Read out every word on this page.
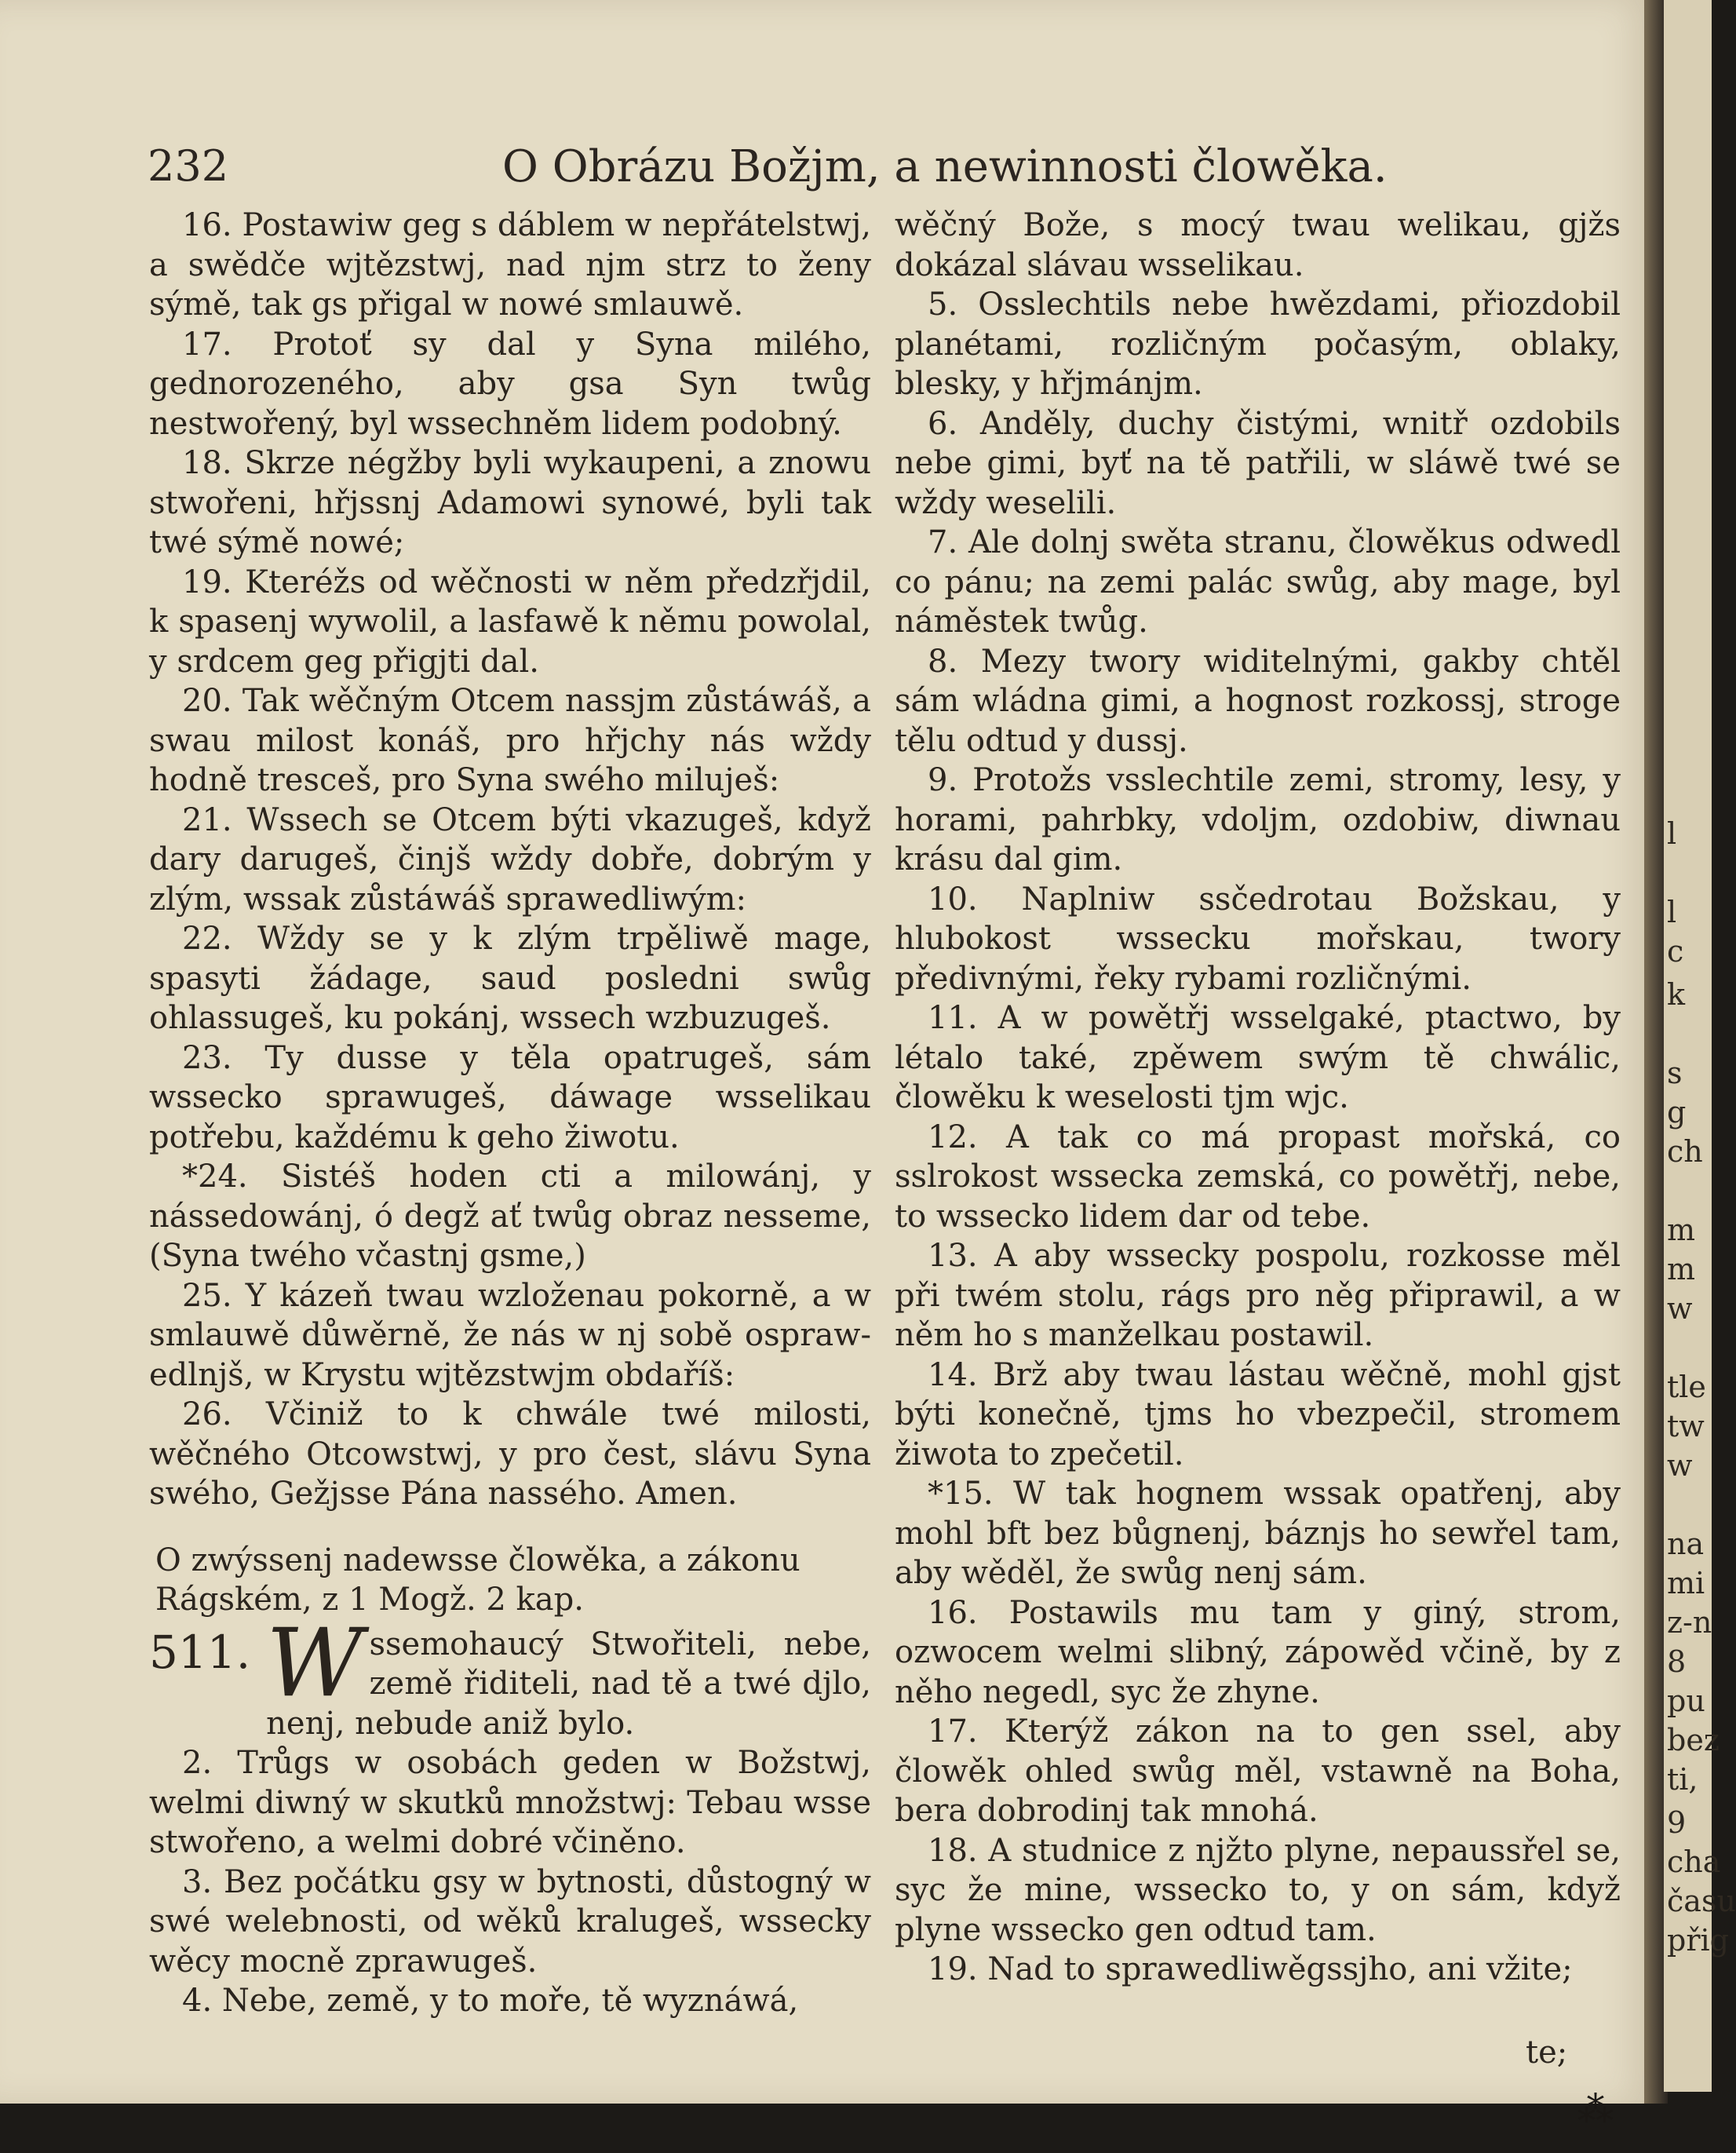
232	O Obrázu Božjm, a newinnosti člowěka.

16. Postawiw geg s dáblem w nepřátelstwj, a swědče wjtězstwj, nad njm strz to ženy sýmě, tak gs přigal w nowé smlauwě.

17. Protoť sy dal y Syna milého, gednorozeného, aby gsa Syn twůg nestwořený, byl wssechněm lidem podobný.

18. Skrze négžby byli wykaupeni, a znowu stwořeni, hřjssnj Adamowi synowé, byli tak twé sýmě nowé;

19. Kteréžs od wěčnosti w něm předzřjdil, k spasenj wywolil, a lasfawě k němu powolal, y srdcem geg přigjti dal.

20. Tak wěčným Otcem nassjm zůstáwáš, a swau milost konáš, pro hřjchy nás wždy hodně tresceš, pro Syna swého miluješ:

21. Wssech se Otcem býti vkazugeš, když dary darugeš, činjš wždy dobře, dobrým y zlým, wssak zůstáwáš sprawedliwým:

22. Wždy se y k zlým trpěliwě mage, spasyti žádage, saud posledni swůg ohlassugeš, ku pokánj, wssech wzbuzugeš.

23. Ty dusse y těla opatrugeš, sám wssecko sprawugeš, dáwage wsselikau potřebu, každému k geho žiwotu.

*24. Sistéš hoden cti a milowánj, y nássedowánj, ó degž ať twůg obraz nesseme, (Syna twého včastnj gsme,)

25. Y kázeň twau wzloženau pokorně, a w smlauwě důwěrně, že nás w nj sobě osprawedlnjš, w Krystu wjtězstwjm obdaříš:

26. Včiniž to k chwále twé milosti, wěčného Otcowstwj, y pro čest, slávu Syna swého, Gežjsse Pána nassého. Amen.

O zwýssenj nadewsse člowěka, a zákonu Rágském, z 1 Mogž. 2 kap.

511. Wssemohaucý Stwořiteli, nebe, země řiditeli, nad tě a twé djlo, nenj, nebude aniž bylo.

2. Trůgs w osobách geden w Božstwj, welmi diwný w skutků množstwj: Tebau wsse stwořeno, a welmi dobré včiněno.

3. Bez počátku gsy w bytnosti, důstogný w swé welebnosti, od wěků kralugeš, wssecky wěcy mocně zprawugeš.

4. Nebe, země, y to moře, tě wyznáwá,

wěčný Bože, s mocý twau welikau, gjžs dokázal slávau wsselikau.

5. Osslechtils nebe hwězdami, přiozdobil planétami, rozličným počasým, oblaky, blesky, y hřjmánjm.

6. Anděly, duchy čistými, wnitř ozdobils nebe gimi, byť na tě patřili, w sláwě twé se wždy weselili.

7. Ale dolnj swěta stranu, člowěkus odwedl co pánu; na zemi palác swůg, aby mage, byl náměstek twůg.

8. Mezy twory widitelnými, gakby chtěl sám wládna gimi, a hognost rozkossj, stroge tělu odtud y dussj.

9. Protožs vsslechtile zemi, stromy, lesy, y horami, pahrbky, vdoljm, ozdobiw, diwnau krásu dal gim.

10. Naplniw ssčedrotau Božskau, y hlubokost wssecku mořskau, twory předivnými, řeky rybami rozličnými.

11. A w powětřj wsselgaké, ptactwo, by létalo také, zpěwem swým tě chwálic, člowěku k weselosti tjm wjc.

12. A tak co má propast mořská, co sslrokost wssecka zemská, co powětřj, nebe, to wssecko lidem dar od tebe.

13. A aby wssecky pospolu, rozkosse měl při twém stolu, rágs pro něg připrawil, a w něm ho s manželkau postawil.

14. Brž aby twau lástau wěčně, mohl gjst býti konečně, tjms ho vbezpečil, stromem žiwota to zpečetil.

*15. W tak hognem wssak opatřenj, aby mohl bft bez bůgnenj, báznjs ho sewřel tam, aby wěděl, že swůg nenj sám.

16. Postawils mu tam y giný, strom, ozwocem welmi slibný, zápowěd včině, by z něho negedl, syc že zhyne.

17. Kterýž zákon na to gen ssel, aby člowěk ohled swůg měl, vstawně na Boha, bera dobrodinj tak mnohá.

18. A studnice z njžto plyne, nepaussřel se, syc že mine, wssecko to, y on sám, když plyne wssecko gen odtud tam.

19. Nad to sprawedliwěgssjho, ani vžite;

te;
l
l
c
k
s
g
ch
m
m
w
tle
tw
w
na
mi
z-n
8
pu
bez
ti,
9
cha
času
přig
⁂
